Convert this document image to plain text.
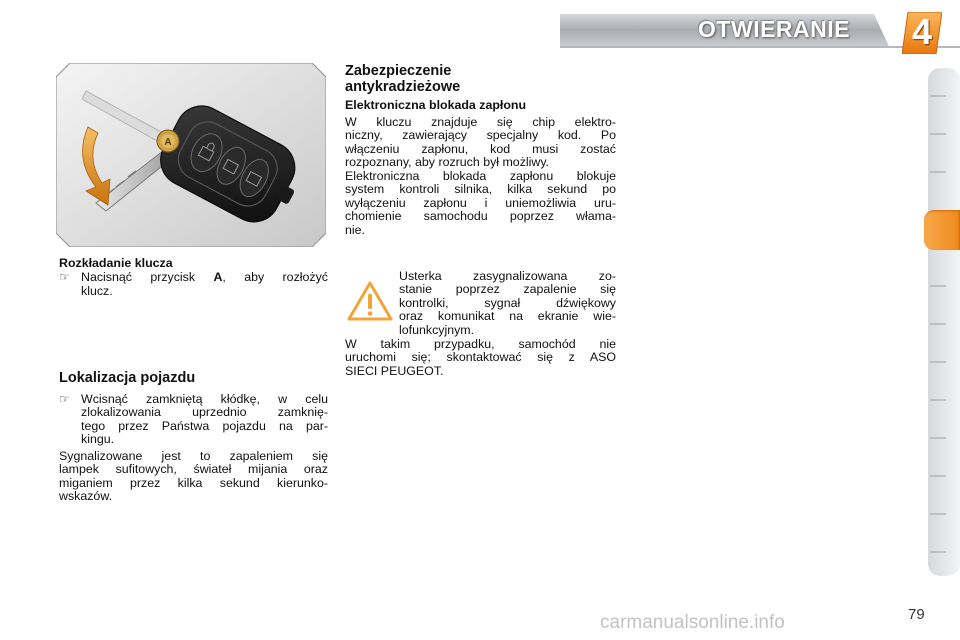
OTWIERANIE 4
A
Rozkładanie klucza
☞ Nacisnąć przycisk A, aby rozłożyć
klucz.
Lokalizacja pojazdu
☞ Wcisnąć zamkniętą kłódkę, w celu
zlokalizowania uprzednio zamknię-
tego przez Państwa pojazdu na par-
kingu.
Sygnalizowane jest to zapaleniem się
lampek sufitowych, świateł mijania oraz
miganiem przez kilka sekund kierunko-
wskazów.
Zabezpieczenie
antykradzieżowe
Elektroniczna blokada zapłonu
W kluczu znajduje się chip elektro-
niczny, zawierający specjalny kod. Po
włączeniu zapłonu, kod musi zostać
rozpoznany, aby rozruch był możliwy.
Elektroniczna blokada zapłonu blokuje
system kontroli silnika, kilka sekund po
wyłączeniu zapłonu i uniemożliwia uru-
chomienie samochodu poprzez włama-
nie.
Usterka zasygnalizowana zo-
stanie poprzez zapalenie się
kontrolki, sygnał dźwiękowy
oraz komunikat na ekranie wie-
lofunkcyjnym.
W takim przypadku, samochód nie
uruchomi się; skontaktować się z ASO
SIECI PEUGEOT.
carmanualsonline.info	79
